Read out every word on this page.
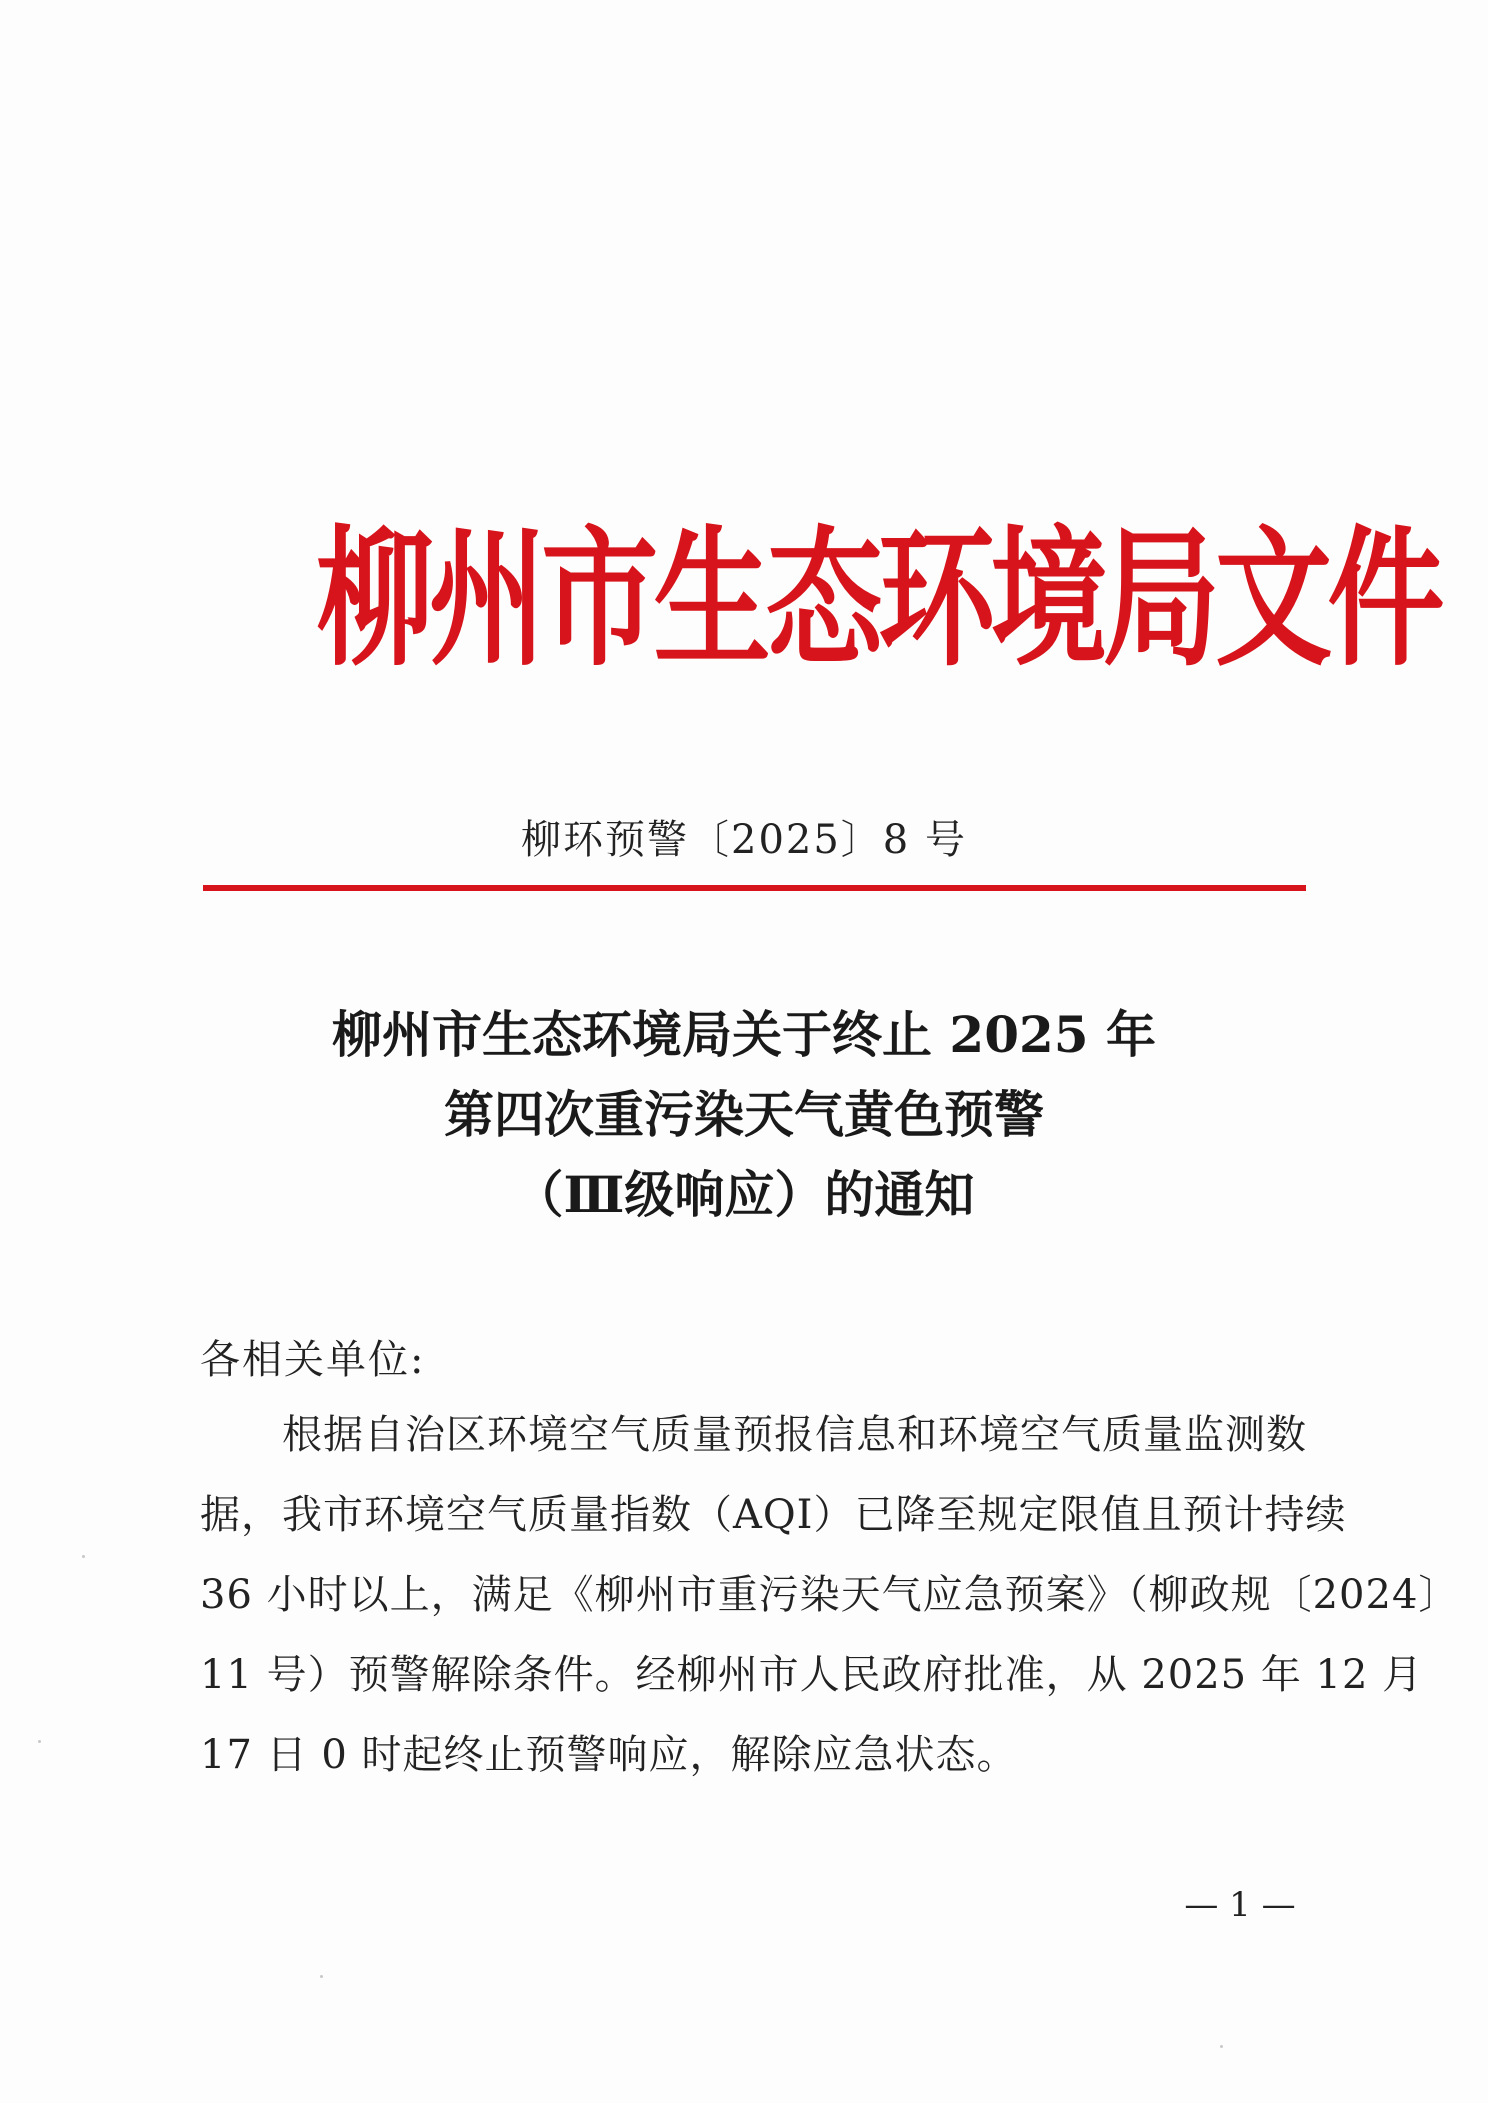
柳州市生态环境局文件
柳环预警〔2025〕8 号
柳州市生态环境局关于终止 2025 年
第四次重污染天气黄色预警
（Ⅲ级响应）的通知
各相关单位:
根据自治区环境空气质量预报信息和环境空气质量监测数
据，我市环境空气质量指数（AQI）已降至规定限值且预计持续
36 小时以上，满足《柳州市重污染天气应急预案》（柳政规〔2024〕
11 号）预警解除条件。经柳州市人民政府批准，从 2025 年 12 月
17 日 0 时起终止预警响应，解除应急状态。
— 1 —
